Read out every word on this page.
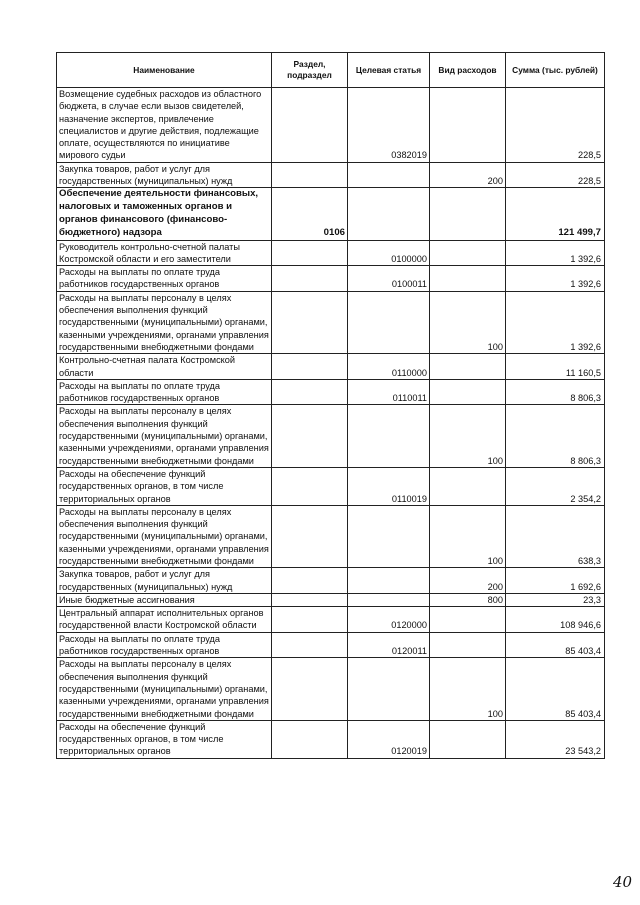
Наименование	Раздел, подраздел	Целевая статья	Вид расходов	Сумма (тыс. рублей)
Возмещение судебных расходов из областного бюджета, в случае если вызов свидетелей, назначение экспертов, привлечение специалистов и другие действия, подлежащие оплате, осуществляются по инициативе мирового судьи		0382019		228,5
Закупка товаров, работ и услуг для государственных (муниципальных) нужд			200	228,5
Обеспечение деятельности финансовых, налоговых и таможенных органов и органов финансового (финансово-бюджетного) надзора	0106			121 499,7
Руководитель контрольно-счетной палаты Костромской области и его заместители		0100000		1 392,6
Расходы на выплаты по оплате труда работников государственных органов		0100011		1 392,6
Расходы на выплаты персоналу в целях обеспечения выполнения функций государственными (муниципальными) органами, казенными учреждениями, органами управления государственными внебюджетными фондами			100	1 392,6
Контрольно-счетная палата Костромской области		0110000		11 160,5
Расходы на выплаты по оплате труда работников государственных органов		0110011		8 806,3
Расходы на выплаты персоналу в целях обеспечения выполнения функций государственными (муниципальными) органами, казенными учреждениями, органами управления государственными внебюджетными фондами			100	8 806,3
Расходы на обеспечение функций государственных органов, в том числе территориальных органов		0110019		2 354,2
Расходы на выплаты персоналу в целях обеспечения выполнения функций государственными (муниципальными) органами, казенными учреждениями, органами управления государственными внебюджетными фондами			100	638,3
Закупка товаров, работ и услуг для государственных (муниципальных) нужд			200	1 692,6
Иные бюджетные ассигнования			800	23,3
Центральный аппарат исполнительных органов государственной власти Костромской области		0120000		108 946,6
Расходы на выплаты по оплате труда работников государственных органов		0120011		85 403,4
Расходы на выплаты персоналу в целях обеспечения выполнения функций государственными (муниципальными) органами, казенными учреждениями, органами управления государственными внебюджетными фондами			100	85 403,4
Расходы на обеспечение функций государственных органов, в том числе территориальных органов		0120019		23 543,2
40
